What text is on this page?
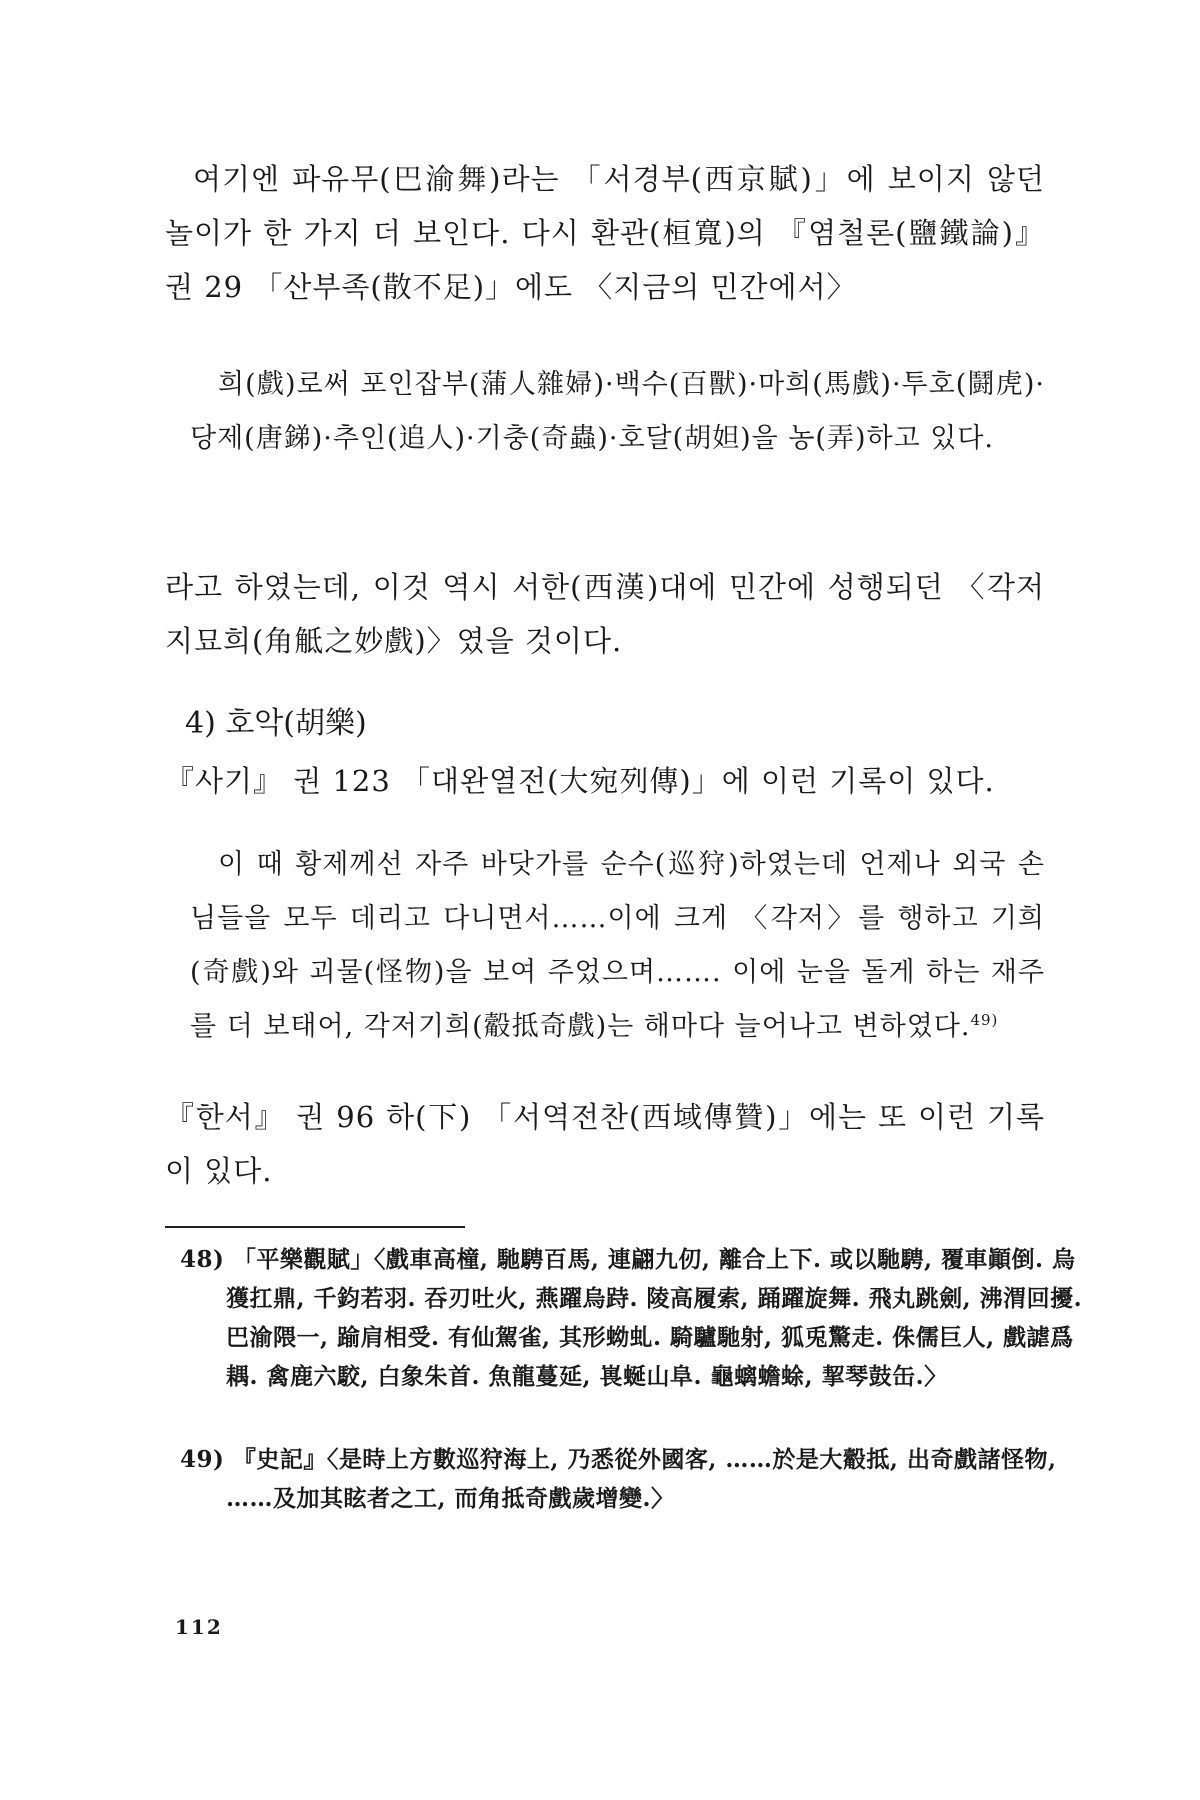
여기엔 파유무(巴渝舞)라는 「서경부(西京賦)」에 보이지 않던 놀이가 한 가지 더 보인다. 다시 환관(桓寬)의 『염철론(鹽鐵論)』 권 29 「산부족(散不足)」에도 〈지금의 민간에서〉

희(戲)로써 포인잡부(蒲人雜婦)·백수(百獸)·마희(馬戲)·투호(鬪虎)·당제(唐銻)·추인(追人)·기충(奇蟲)·호달(胡妲)을 농(弄)하고 있다.

라고 하였는데, 이것 역시 서한(西漢)대에 민간에 성행되던 〈각저지묘희(角觝之妙戲)〉였을 것이다.

4) 호악(胡樂)

『사기』 권 123 「대완열전(大宛列傳)」에 이런 기록이 있다.

이 때 황제께선 자주 바닷가를 순수(巡狩)하였는데 언제나 외국 손님들을 모두 데리고 다니면서……이에 크게 〈각저〉를 행하고 기희(奇戲)와 괴물(怪物)을 보여 주었으며……. 이에 눈을 돌게 하는 재주를 더 보태어, 각저기희(觳抵奇戲)는 해마다 늘어나고 변하였다.$^{49)}$

『한서』 권 96 하(下) 「서역전찬(西域傳贊)」에는 또 이런 기록이 있다.

48) 「平樂觀賦」〈戲車高橦, 馳騁百馬, 連翩九仞, 離合上下. 或以馳騁, 覆車顚倒. 烏獲扛鼎, 千鈞若羽. 吞刃吐火, 燕躍烏跱. 陵高履索, 踊躍旋舞. 飛丸跳劍, 沸渭回擾. 巴渝隈一, 踰肩相受. 有仙駕雀, 其形蚴虬. 騎驢馳射, 狐兎驚走. 侏儒巨人, 戲謔爲耦. 禽鹿六駮, 白象朱首. 魚龍蔓延, 嵔蜒山阜. 龜螭蟾蜍, 挈琴鼓缶.〉

49) 『史記』〈是時上方數巡狩海上, 乃悉從外國客, ……於是大觳抵, 出奇戲諸怪物, ……及加其眩者之工, 而角抵奇戲歲增變.〉

112
